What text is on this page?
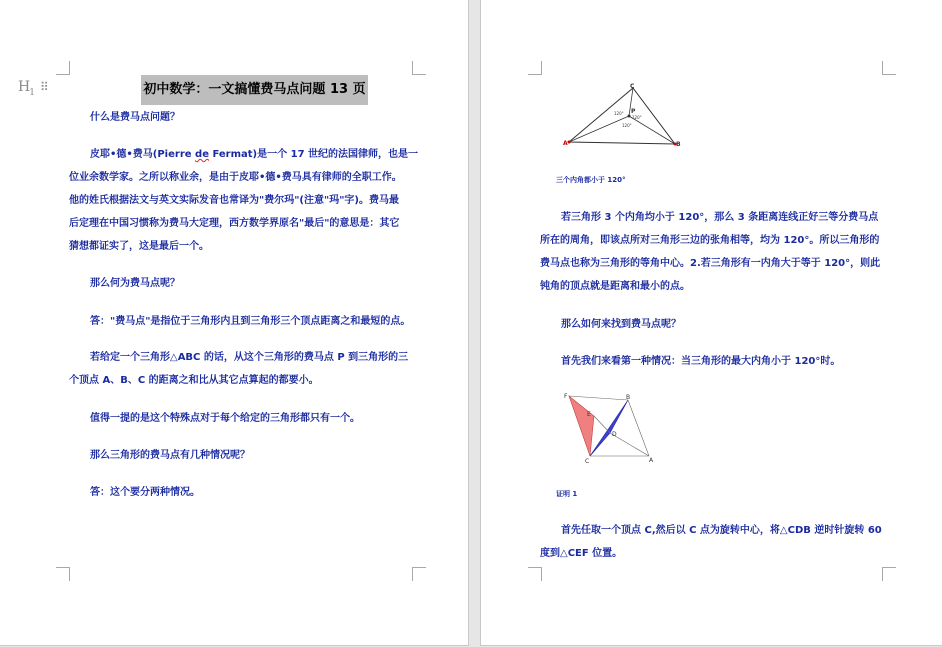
$H_1$ ⠿	初中数学：一文搞懂费马点问题 13 页

什么是费马点问题？

皮耶•德•费马(Pierre de Fermat)是一个 17 世纪的法国律师，也是一

位业余数学家。之所以称业余，是由于皮耶•德•费马具有律师的全职工作。

他的姓氏根据法文与英文实际发音也常译为"费尔玛"(注意"玛"字)。费马最

后定理在中国习惯称为费马大定理，西方数学界原名"最后"的意思是：其它

猜想都证实了，这是最后一个。

那么何为费马点呢？

答："费马点"是指位于三角形内且到三角形三个顶点距离之和最短的点。

若给定一个三角形△ABC 的话，从这个三角形的费马点 P 到三角形的三

个顶点 A、B、C 的距离之和比从其它点算起的都要小。

值得一提的是这个特殊点对于每个给定的三角形都只有一个。

那么三角形的费马点有几种情况呢？

答：这个要分两种情况。

A	B
C
P
120°
120°
120°

三个内角都小于 120°

若三角形 3 个内角均小于 120°，那么 3 条距离连线正好三等分费马点

所在的周角，即该点所对三角形三边的张角相等，均为 120°。所以三角形的

费马点也称为三角形的等角中心。2.若三角形有一内角大于等于 120°，则此

钝角的顶点就是距离和最小的点。

那么如何来找到费马点呢？

首先我们来看第一种情况：当三角形的最大内角小于 120°时。

F
E
D
B
C	A

证明 1

首先任取一个顶点 C,然后以 C 点为旋转中心，将△CDB 逆时针旋转 60

度到△CEF 位置。
